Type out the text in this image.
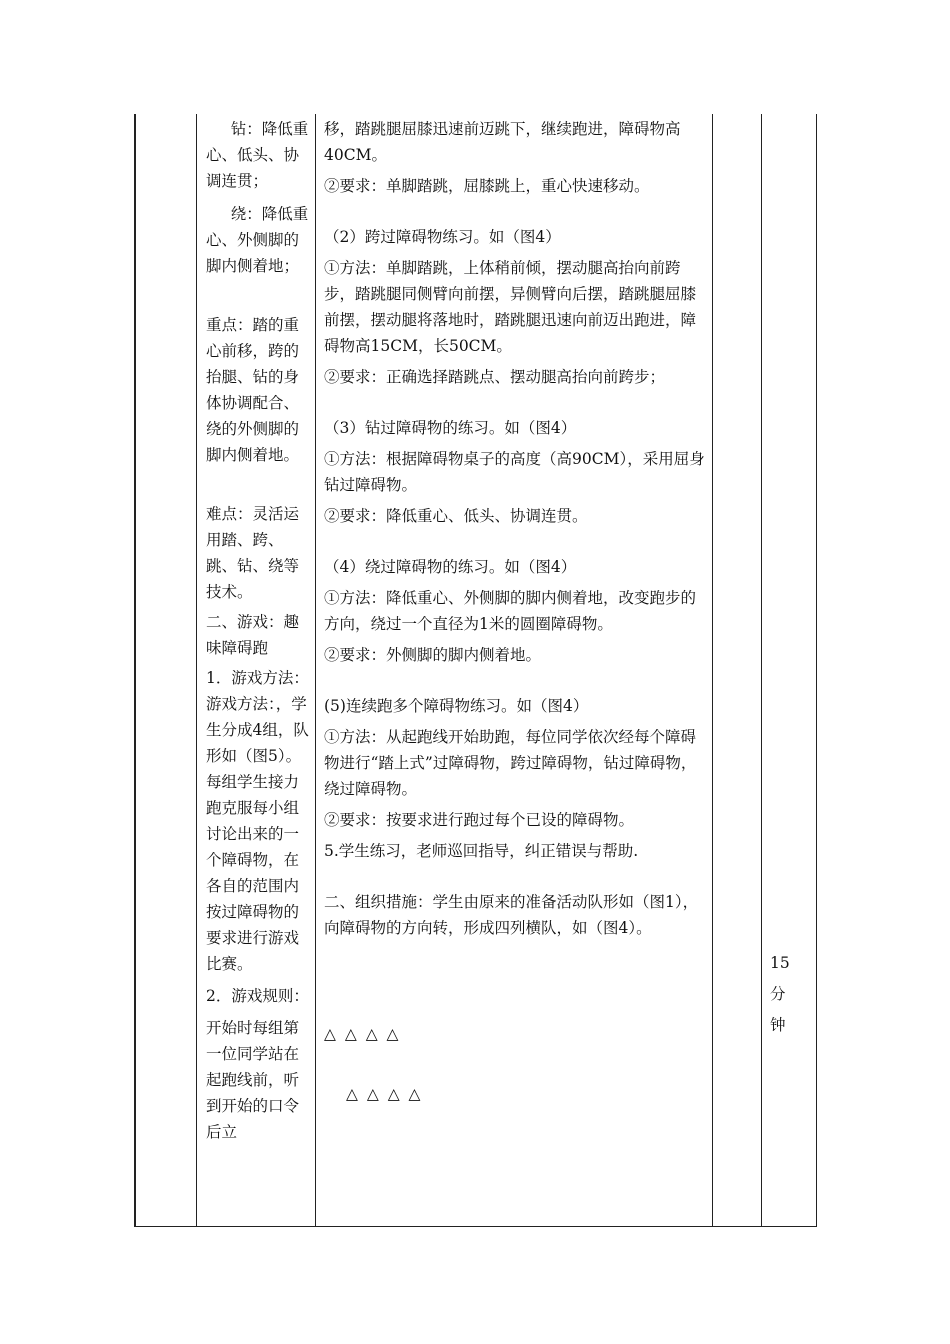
钻：降低重心、低头、协调连贯；

绕：降低重心、外侧脚的脚内侧着地；

重点：踏的重心前移，跨的抬腿、钻的身体协调配合、绕的外侧脚的脚内侧着地。

难点：灵活运用踏、跨、跳、钻、绕等技术。

二、游戏：趣味障碍跑

1．游戏方法：游戏方法：，学生分成4组，队形如（图5）。每组学生接力跑克服每小组讨论出来的一个障碍物，在各自的范围内按过障碍物的要求进行游戏比赛。

2．游戏规则：

开始时每组第一位同学站在起跑线前，听到开始的口令后立

移，踏跳腿屈膝迅速前迈跳下，继续跑进，障碍物高40CM。

②要求：单脚踏跳，屈膝跳上，重心快速移动。

（2）跨过障碍物练习。如（图4）

①方法：单脚踏跳，上体稍前倾，摆动腿高抬向前跨步，踏跳腿同侧臂向前摆，异侧臂向后摆，踏跳腿屈膝前摆，摆动腿将落地时，踏跳腿迅速向前迈出跑进，障碍物高15CM，长50CM。

②要求：正确选择踏跳点、摆动腿高抬向前跨步；

（3）钻过障碍物的练习。如（图4）

①方法：根据障碍物桌子的高度（高90CM），采用屈身钻过障碍物。

②要求：降低重心、低头、协调连贯。

（4）绕过障碍物的练习。如（图4）

①方法：降低重心、外侧脚的脚内侧着地，改变跑步的方向，绕过一个直径为1米的圆圈障碍物。

②要求：外侧脚的脚内侧着地。

(5)连续跑多个障碍物练习。如（图4）

①方法：从起跑线开始助跑，每位同学依次经每个障碍物进行“踏上式”过障碍物，跨过障碍物，钻过障碍物，绕过障碍物。

②要求：按要求进行跑过每个已设的障碍物。

5.学生练习，老师巡回指导，纠正错误与帮助.

二、组织措施：学生由原来的准备活动队形如（图1），向障碍物的方向转，形成四列横队，如（图4）。

△ △ △ △

△ △ △ △

15

分

钟
